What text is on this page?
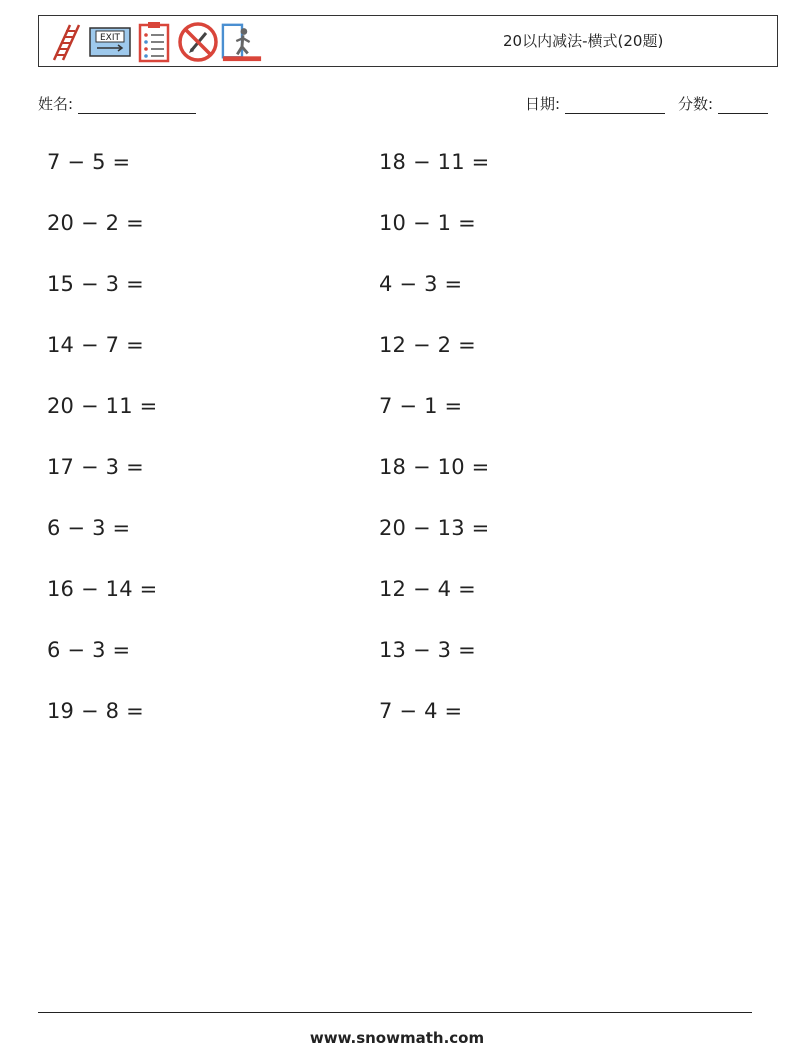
EXIT	20以内减法-横式(20题)
姓名:	日期:	分数:
7 − 5 =
20 − 2 =
15 − 3 =
14 − 7 =
20 − 11 =
17 − 3 =
6 − 3 =
16 − 14 =
6 − 3 =
19 − 8 =
18 − 11 =
10 − 1 =
4 − 3 =
12 − 2 =
7 − 1 =
18 − 10 =
20 − 13 =
12 − 4 =
13 − 3 =
7 − 4 =
www.snowmath.com
